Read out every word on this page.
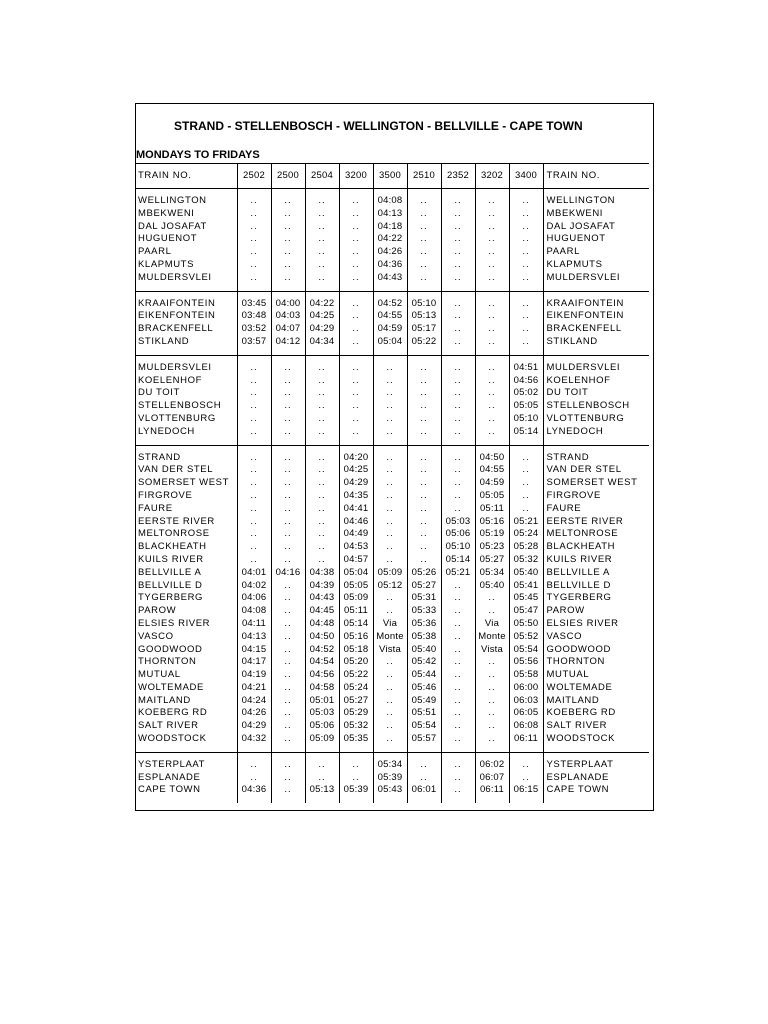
STRAND - STELLENBOSCH - WELLINGTON - BELLVILLE - CAPE TOWN
MONDAYS TO FRIDAYS
TRAIN NO.	2502	2500	2504	3200	3500	2510	2352	3202	3400	TRAIN NO.

WELLINGTON	..	..	..	..	04:08	..	..	..	..	WELLINGTON
MBEKWENI	..	..	..	..	04:13	..	..	..	..	MBEKWENI
DAL JOSAFAT	..	..	..	..	04:18	..	..	..	..	DAL JOSAFAT
HUGUENOT	..	..	..	..	04:22	..	..	..	..	HUGUENOT
PAARL	..	..	..	..	04:26	..	..	..	..	PAARL
KLAPMUTS	..	..	..	..	04:36	..	..	..	..	KLAPMUTS
MULDERSVLEI	..	..	..	..	04:43	..	..	..	..	MULDERSVLEI

KRAAIFONTEIN	03:45	04:00	04:22	..	04:52	05:10	..	..	..	KRAAIFONTEIN
EIKENFONTEIN	03:48	04:03	04:25	..	04:55	05:13	..	..	..	EIKENFONTEIN
BRACKENFELL	03:52	04:07	04:29	..	04:59	05:17	..	..	..	BRACKENFELL
STIKLAND	03:57	04:12	04:34	..	05:04	05:22	..	..	..	STIKLAND

MULDERSVLEI	..	..	..	..	..	..	..	..	04:51	MULDERSVLEI
KOELENHOF	..	..	..	..	..	..	..	..	04:56	KOELENHOF
DU TOIT	..	..	..	..	..	..	..	..	05:02	DU TOIT
STELLENBOSCH	..	..	..	..	..	..	..	..	05:05	STELLENBOSCH
VLOTTENBURG	..	..	..	..	..	..	..	..	05:10	VLOTTENBURG
LYNEDOCH	..	..	..	..	..	..	..	..	05:14	LYNEDOCH

STRAND	..	..	..	04:20	..	..	..	04:50	..	STRAND
VAN DER STEL	..	..	..	04:25	..	..	..	04:55	..	VAN DER STEL
SOMERSET WEST	..	..	..	04:29	..	..	..	04:59	..	SOMERSET WEST
FIRGROVE	..	..	..	04:35	..	..	..	05:05	..	FIRGROVE
FAURE	..	..	..	04:41	..	..	..	05:11	..	FAURE
EERSTE RIVER	..	..	..	04:46	..	..	05:03	05:16	05:21	EERSTE RIVER
MELTONROSE	..	..	..	04:49	..	..	05:06	05:19	05:24	MELTONROSE
BLACKHEATH	..	..	..	04:53	..	..	05:10	05:23	05:28	BLACKHEATH
KUILS RIVER	..	..	..	04:57	..	..	05:14	05:27	05:32	KUILS RIVER
BELLVILLE A	04:01	04:16	04:38	05:04	05:09	05:26	05:21	05:34	05:40	BELLVILLE A
BELLVILLE D	04:02	..	04:39	05:05	05:12	05:27	..	05:40	05:41	BELLVILLE D
TYGERBERG	04:06	..	04:43	05:09	..	05:31	..	..	05:45	TYGERBERG
PAROW	04:08	..	04:45	05:11	..	05:33	..	..	05:47	PAROW
ELSIES RIVER	04:11	..	04:48	05:14	Via	05:36	..	Via	05:50	ELSIES RIVER
VASCO	04:13	..	04:50	05:16	Monte	05:38	..	Monte	05:52	VASCO
GOODWOOD	04:15	..	04:52	05:18	Vista	05:40	..	Vista	05:54	GOODWOOD
THORNTON	04:17	..	04:54	05:20	..	05:42	..	..	05:56	THORNTON
MUTUAL	04:19	..	04:56	05:22	..	05:44	..	..	05:58	MUTUAL
WOLTEMADE	04:21	..	04:58	05:24	..	05:46	..	..	06:00	WOLTEMADE
MAITLAND	04:24	..	05:01	05:27	..	05:49	..	..	06:03	MAITLAND
KOEBERG RD	04:26	..	05:03	05:29	..	05:51	..	..	06:05	KOEBERG RD
SALT RIVER	04:29	..	05:06	05:32	..	05:54	..	..	06:08	SALT RIVER
WOODSTOCK	04:32	..	05:09	05:35	..	05:57	..	..	06:11	WOODSTOCK

YSTERPLAAT	..	..	..	..	05:34	..	..	06:02	..	YSTERPLAAT
ESPLANADE	..	..	..	..	05:39	..	..	06:07	..	ESPLANADE
CAPE TOWN	04:36	..	05:13	05:39	05:43	06:01	..	06:11	06:15	CAPE TOWN
